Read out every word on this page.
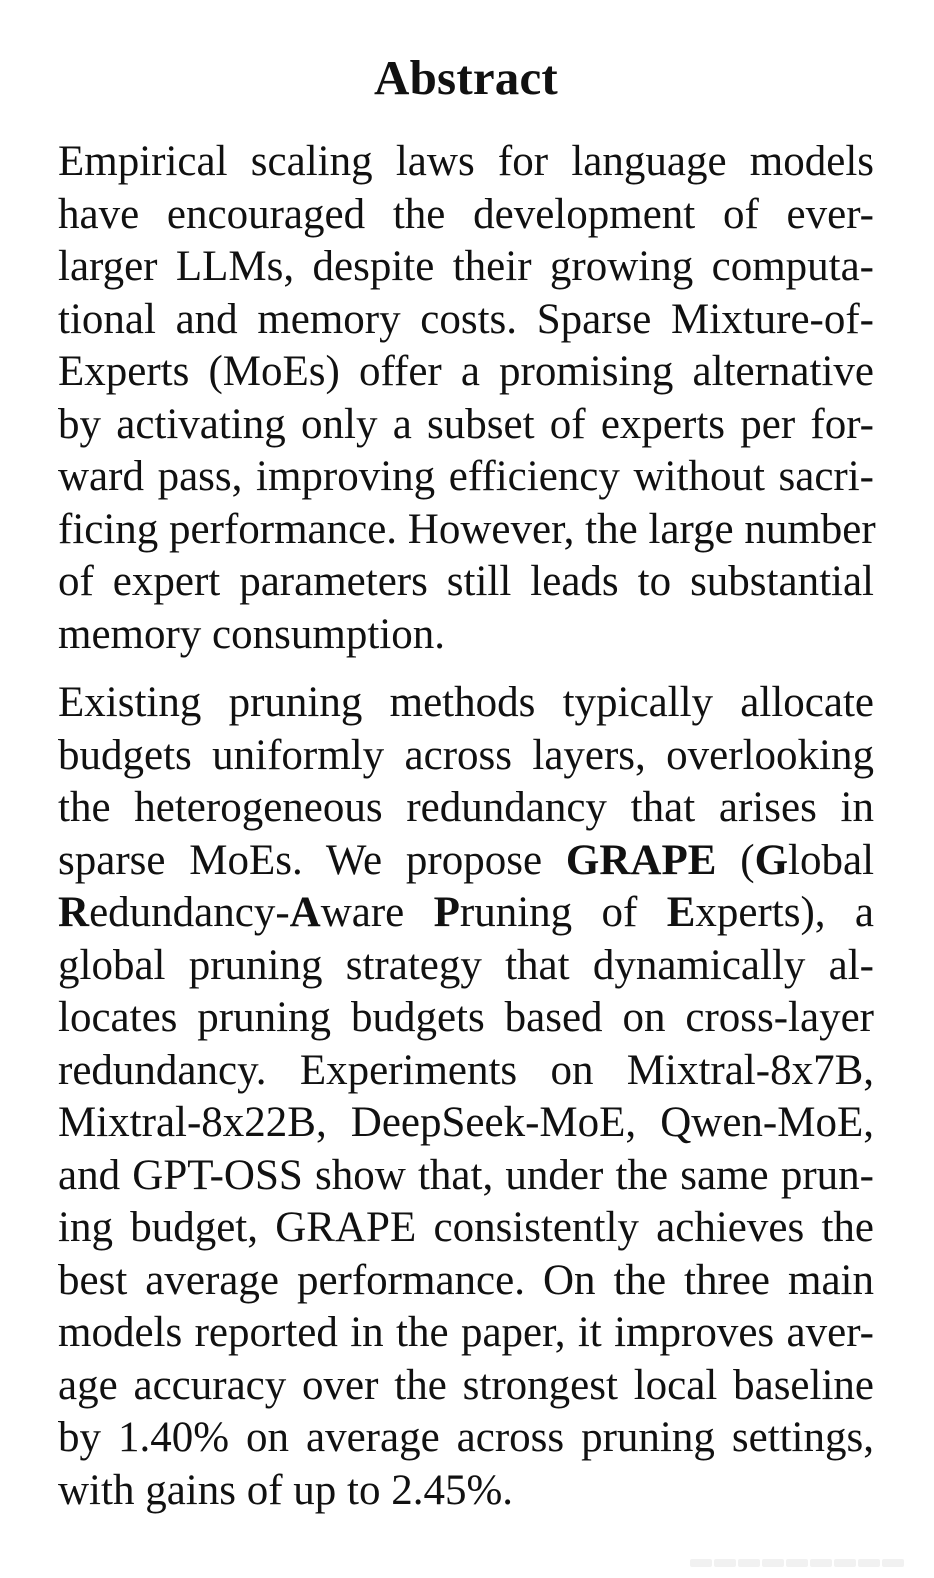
Abstract

Empirical scaling laws for language models
have encouraged the development of ever-
larger LLMs, despite their growing computa-
tional and memory costs. Sparse Mixture-of-
Experts (MoEs) offer a promising alternative
by activating only a subset of experts per for-
ward pass, improving efficiency without sacri-
ficing performance. However, the large number
of expert parameters still leads to substantial
memory consumption.

Existing pruning methods typically allocate
budgets uniformly across layers, overlooking
the heterogeneous redundancy that arises in
sparse MoEs. We propose GRAPE (Global
Redundancy-Aware Pruning of Experts), a
global pruning strategy that dynamically al-
locates pruning budgets based on cross-layer
redundancy. Experiments on Mixtral-8x7B,
Mixtral-8x22B, DeepSeek-MoE, Qwen-MoE,
and GPT-OSS show that, under the same prun-
ing budget, GRAPE consistently achieves the
best average performance. On the three main
models reported in the paper, it improves aver-
age accuracy over the strongest local baseline
by 1.40% on average across pruning settings,
with gains of up to 2.45%.
